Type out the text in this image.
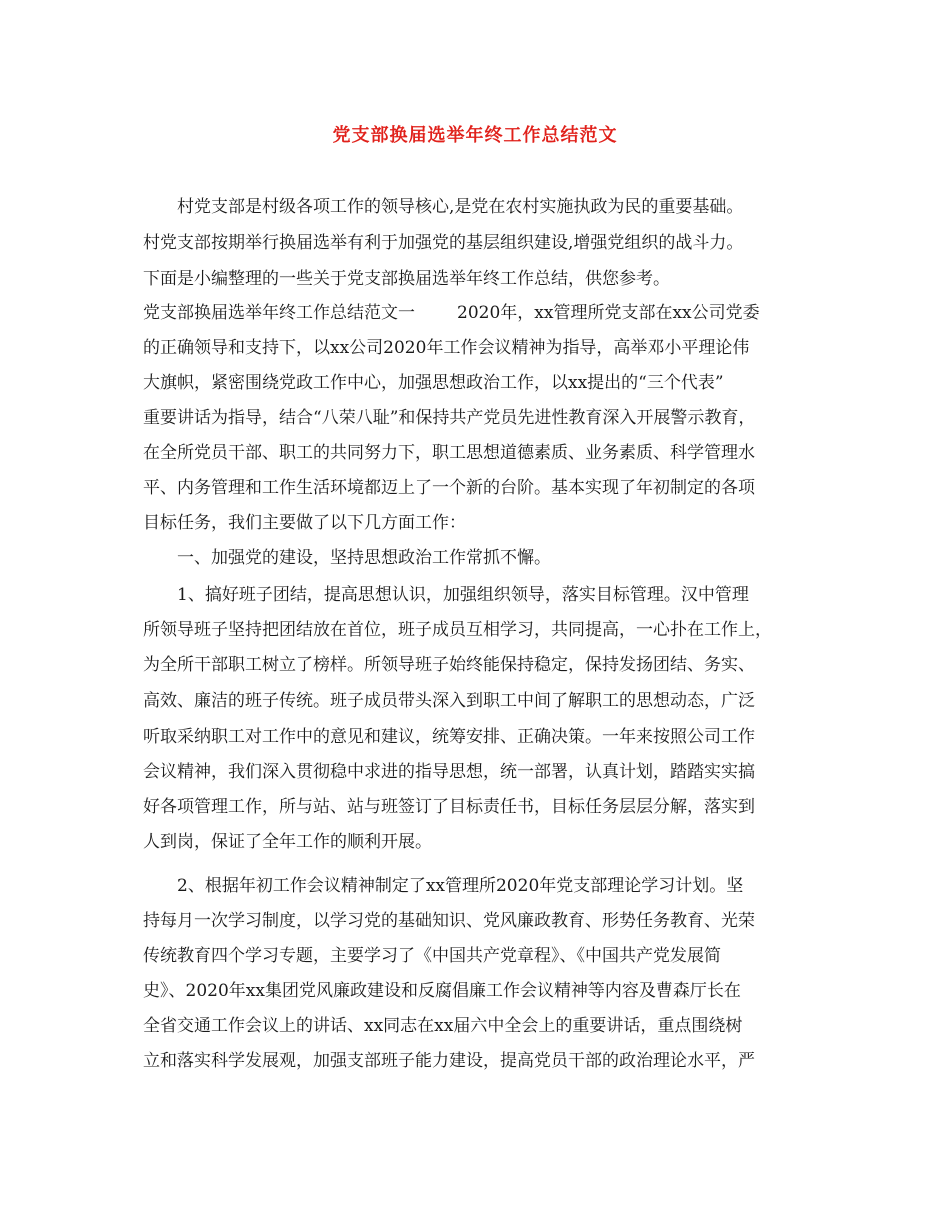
党支部换届选举年终工作总结范文
村党支部是村级各项工作的领导核心,是党在农村实施执政为民的重要基础。
村党支部按期举行换届选举有利于加强党的基层组织建设,增强党组织的战斗力。
下面是小编整理的一些关于党支部换届选举年终工作总结，供您参考。
党支部换届选举年终工作总结范文一 2020年，xx管理所党支部在xx公司党委
的正确领导和支持下，以xx公司2020年工作会议精神为指导，高举邓小平理论伟
大旗帜，紧密围绕党政工作中心，加强思想政治工作，以xx提出的“三个代表”
重要讲话为指导，结合“八荣八耻”和保持共产党员先进性教育深入开展警示教育，
在全所党员干部、职工的共同努力下，职工思想道德素质、业务素质、科学管理水
平、内务管理和工作生活环境都迈上了一个新的台阶。基本实现了年初制定的各项
目标任务，我们主要做了以下几方面工作：
一、加强党的建设，坚持思想政治工作常抓不懈。
1、搞好班子团结，提高思想认识，加强组织领导，落实目标管理。汉中管理
所领导班子坚持把团结放在首位，班子成员互相学习，共同提高，一心扑在工作上，
为全所干部职工树立了榜样。所领导班子始终能保持稳定，保持发扬团结、务实、
高效、廉洁的班子传统。班子成员带头深入到职工中间了解职工的思想动态，广泛
听取采纳职工对工作中的意见和建议，统筹安排、正确决策。一年来按照公司工作
会议精神，我们深入贯彻稳中求进的指导思想，统一部署，认真计划，踏踏实实搞
好各项管理工作，所与站、站与班签订了目标责任书，目标任务层层分解，落实到
人到岗，保证了全年工作的顺利开展。
2、根据年初工作会议精神制定了xx管理所2020年党支部理论学习计划。坚
持每月一次学习制度，以学习党的基础知识、党风廉政教育、形势任务教育、光荣
传统教育四个学习专题，主要学习了《中国共产党章程》、《中国共产党发展简
史》、2020年xx集团党风廉政建设和反腐倡廉工作会议精神等内容及曹森厅长在
全省交通工作会议上的讲话、xx同志在xx届六中全会上的重要讲话，重点围绕树
立和落实科学发展观，加强支部班子能力建设，提高党员干部的政治理论水平，严
